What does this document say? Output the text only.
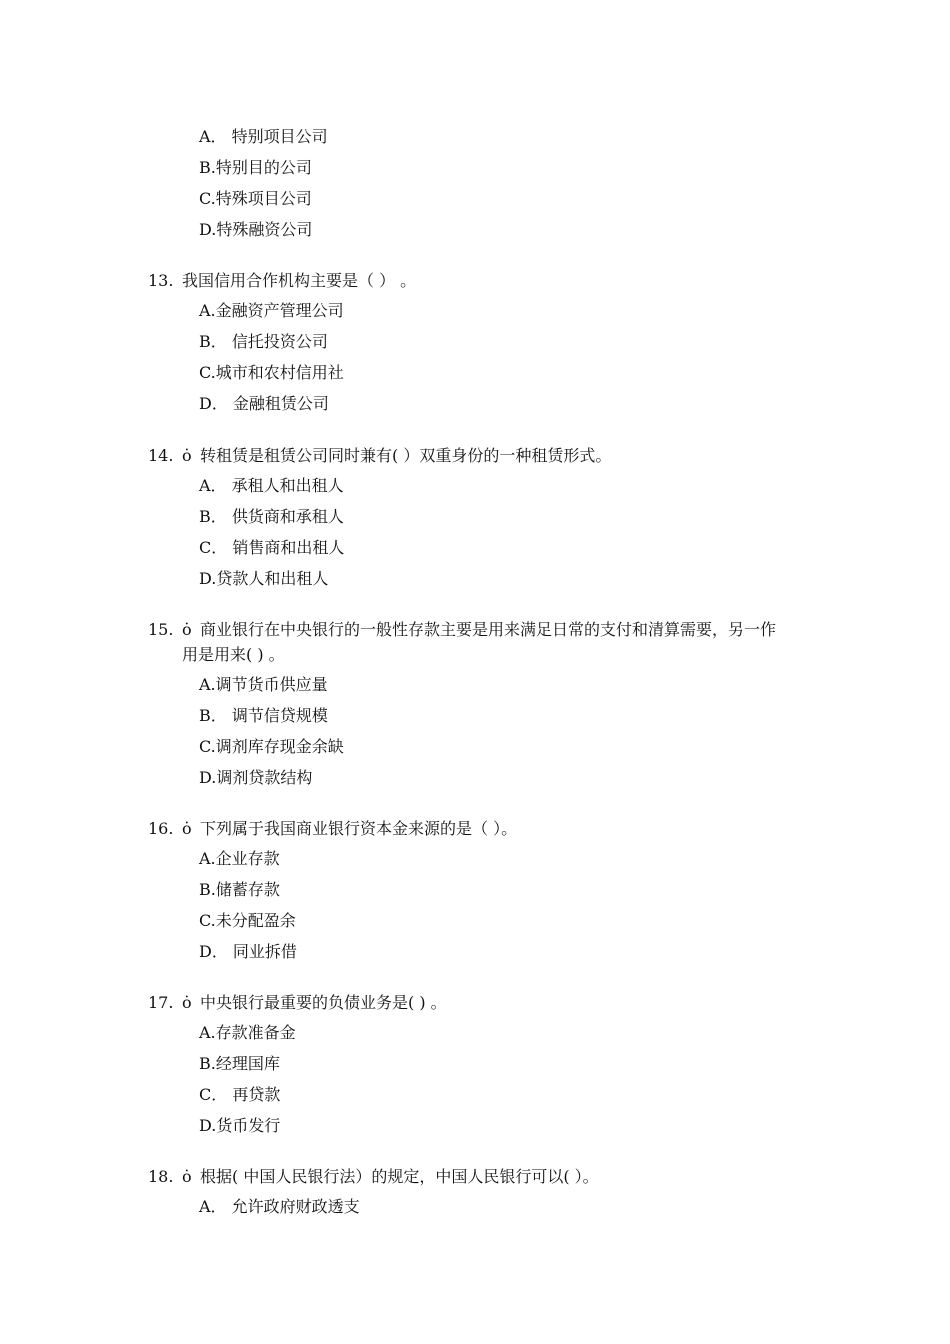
A． 特别项目公司
B.特别目的公司
C.特殊项目公司
D.特殊融资公司
13. 我国信用合作机构主要是（ ） 。
A.金融资产管理公司
B． 信托投资公司
C.城市和农村信用社
D． 金融租赁公司
14. ȯ 转租赁是租赁公司同时兼有( ）双重身份的一种租赁形式。
A． 承租人和出租人
B． 供货商和承租人
C． 销售商和出租人
D.贷款人和出租人
15. ȯ 商业银行在中央银行的一般性存款主要是用来满足日常的支付和清算需要，另一作
用是用来( ) 。
A.调节货币供应量
B． 调节信贷规模
C.调剂库存现金余缺
D.调剂贷款结构
16. ȯ 下列属于我国商业银行资本金来源的是（ ）。
A.企业存款
B.储蓄存款
C.未分配盈余
D． 同业拆借
17. ȯ 中央银行最重要的负债业务是( ) 。
A.存款准备金
B.经理国库
C． 再贷款
D.货币发行
18. ȯ 根据( 中国人民银行法）的规定，中国人民银行可以( ）。
A． 允许政府财政透支
